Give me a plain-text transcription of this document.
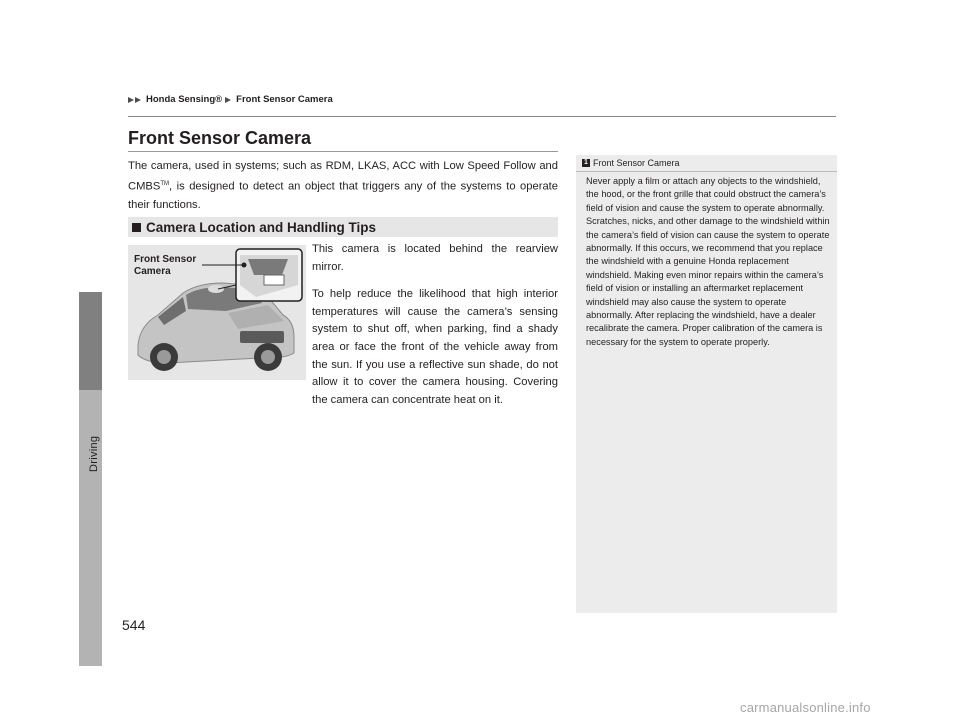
Driving
Honda Sensing® Front Sensor Camera
Front Sensor Camera
The camera, used in systems; such as RDM, LKAS, ACC with Low Speed Follow and CMBS™, is designed to detect an object that triggers any of the systems to operate their functions.
Camera Location and Handling Tips
Front Sensor Camera

This camera is located behind the rearview mirror.

To help reduce the likelihood that high interior temperatures will cause the camera’s sensing system to shut off, when parking, find a shady area or face the front of the vehicle away from the sun. If you use a reflective sun shade, do not allow it to cover the camera housing. Covering the camera can concentrate heat on it.

1 Front Sensor Camera
Never apply a film or attach any objects to the windshield, the hood, or the front grille that could obstruct the camera’s field of vision and cause the system to operate abnormally. Scratches, nicks, and other damage to the windshield within the camera’s field of vision can cause the system to operate abnormally. If this occurs, we recommend that you replace the windshield with a genuine Honda replacement windshield. Making even minor repairs within the camera’s field of vision or installing an aftermarket replacement windshield may also cause the system to operate abnormally. After replacing the windshield, have a dealer recalibrate the camera. Proper calibration of the camera is necessary for the system to operate properly.
544
carmanualsonline.info
